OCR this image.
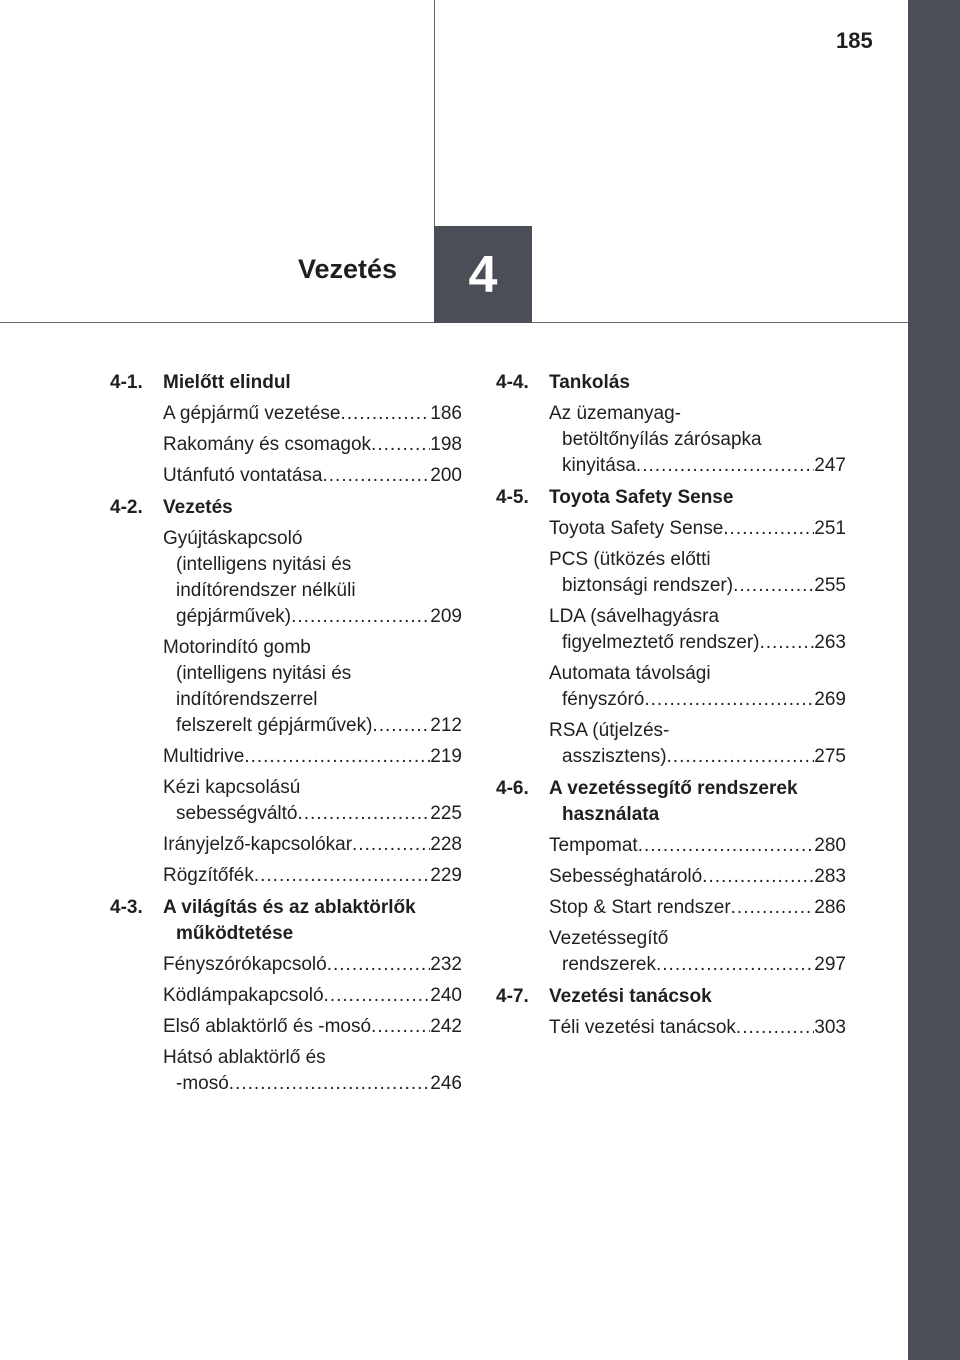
185
4
Vezetés
4-1.	Mielőtt elindul
A gépjármű vezetése .....	186
Rakomány és csomagok .....	198
Utánfutó vontatása .....	200
4-2.	Vezetés
Gyújtáskapcsoló
(intelligens nyitási és
indítórendszer nélküli
gépjárművek) .....	209
Motorindító gomb
(intelligens nyitási és
indítórendszerrel
felszerelt gépjárművek) .....	212
Multidrive .....	219
Kézi kapcsolású
sebességváltó .....	225
Irányjelző-kapcsolókar .....	228
Rögzítőfék .....	229
4-3.	A világítás és az ablaktörlők
működtetése
Fényszórókapcsoló .....	232
Ködlámpakapcsoló .....	240
Első ablaktörlő és -mosó .....	242
Hátsó ablaktörlő és
-mosó .....	246
4-4.	Tankolás
Az üzemanyag-
betöltőnyílás zárósapka
kinyitása .....	247
4-5.	Toyota Safety Sense
Toyota Safety Sense .....	251
PCS (ütközés előtti
biztonsági rendszer) .....	255
LDA (sávelhagyásra
figyelmeztető rendszer) .....	263
Automata távolsági
fényszóró .....	269
RSA (útjelzés-
asszisztens) .....	275
4-6.	A vezetéssegítő rendszerek
használata
Tempomat .....	280
Sebességhatároló .....	283
Stop & Start rendszer .....	286
Vezetéssegítő
rendszerek .....	297
4-7.	Vezetési tanácsok
Téli vezetési tanácsok .....	303
